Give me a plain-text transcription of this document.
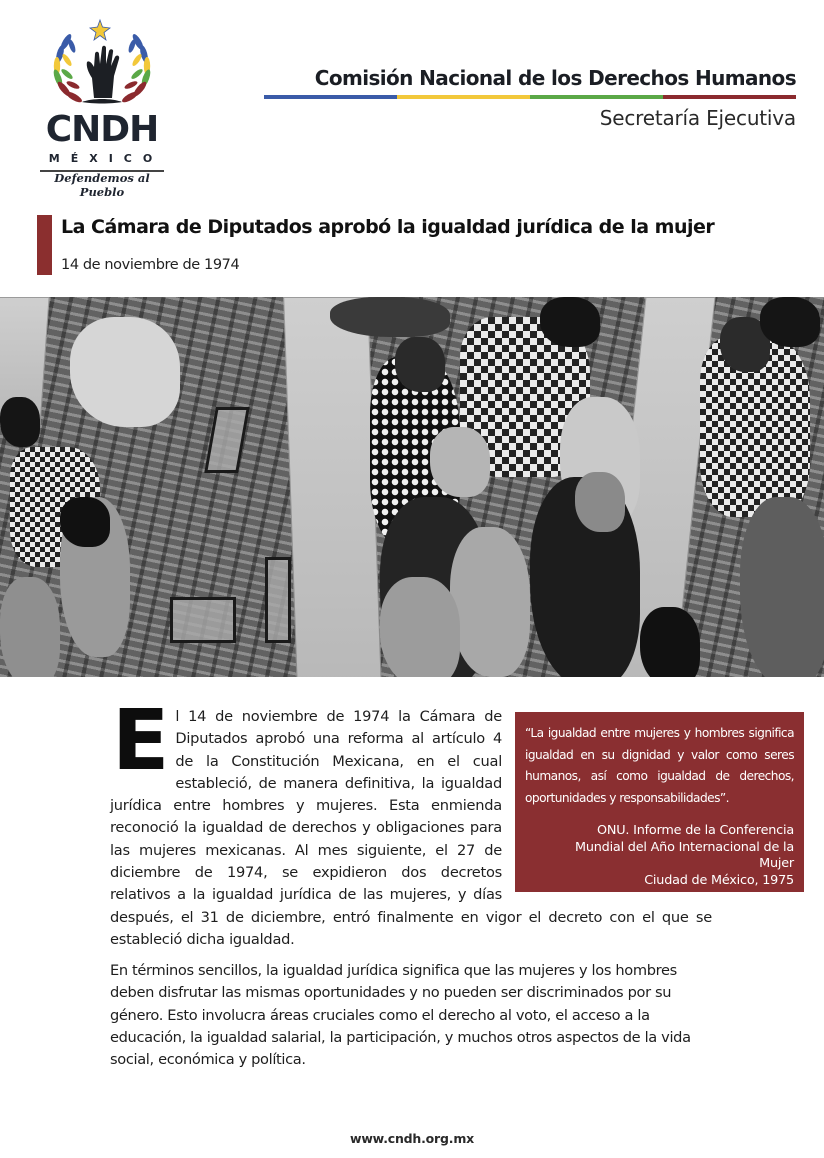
CNDH
MÉXICO
Defendemos al Pueblo
Comisión Nacional de los Derechos Humanos
Secretaría Ejecutiva
La Cámara de Diputados aprobó la igualdad jurídica de la mujer
14 de noviembre de 1974
E l 14 de noviembre de 1974 la Cámara de Diputados aprobó una reforma al artículo 4 de la Constitución Mexicana, en el cual estableció, de manera definitiva, la igualdad jurídica entre hombres y mujeres. Esta enmienda reconoció la igualdad de derechos y obligaciones para las mujeres mexicanas. Al mes siguiente, el 27 de diciembre de 1974, se expidieron dos decretos relativos a la igualdad jurídica de las mujeres, y días después, el 31 de diciembre, entró finalmente en vigor el decreto con el que se estableció dicha igualdad.

En términos sencillos, la igualdad jurídica significa que las mujeres y los hombres deben disfrutar las mismas oportunidades y no pueden ser discriminados por su género. Esto involucra áreas cruciales como el derecho al voto, el acceso a la educación, la igualdad salarial, la participación, y muchos otros aspectos de la vida social, económica y política.

“La igualdad entre mujeres y hombres significa igualdad en su dignidad y valor como seres humanos, así como igualdad de derechos, oportunidades y responsabilidades”.

ONU. Informe de la Conferencia
Mundial del Año Internacional de la
Mujer
Ciudad de México, 1975
www.cndh.org.mx
